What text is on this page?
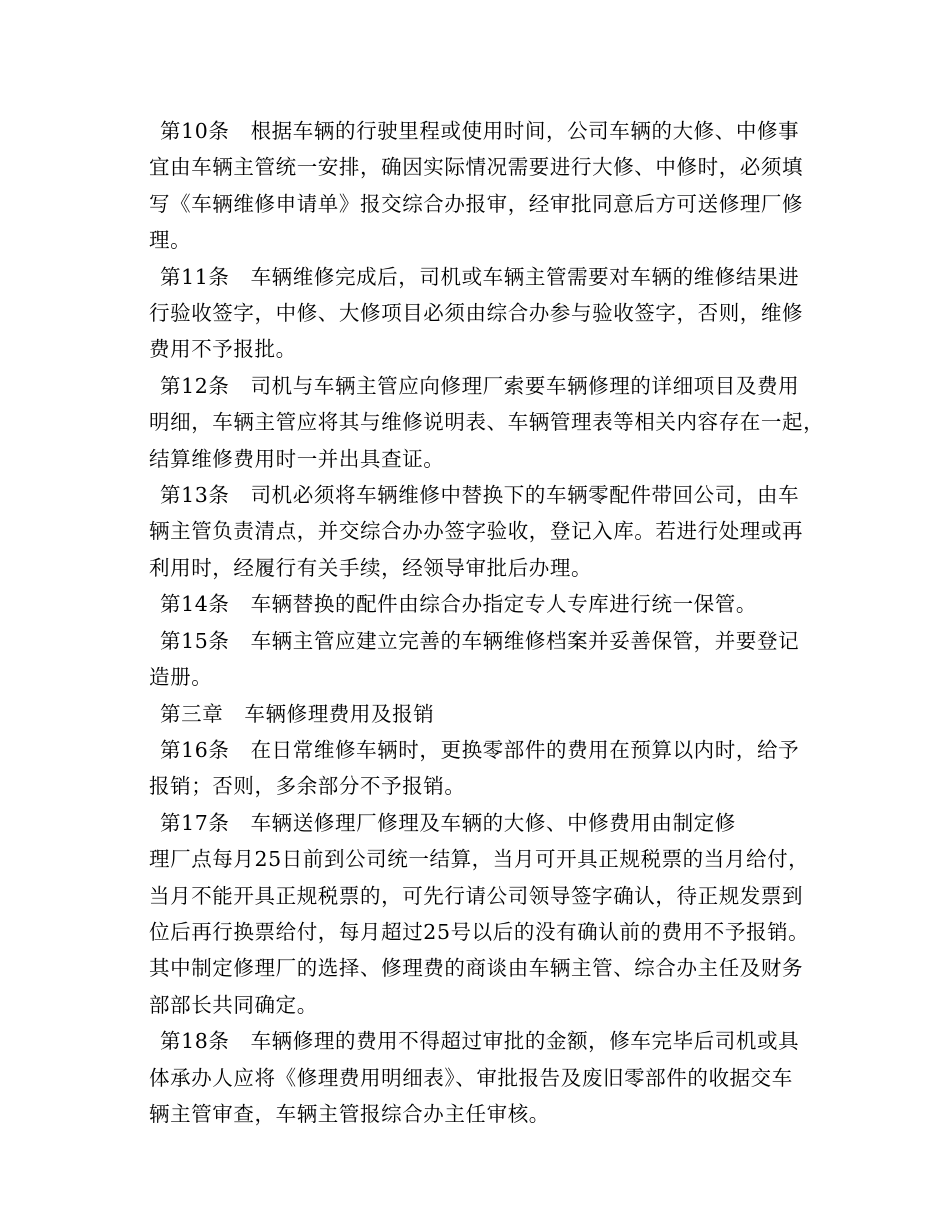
第10条　根据车辆的行驶里程或使用时间，公司车辆的大修、中修事
宜由车辆主管统一安排，确因实际情况需要进行大修、中修时，必须填
写《车辆维修申请单》报交综合办报审，经审批同意后方可送修理厂修
理。
第11条　车辆维修完成后，司机或车辆主管需要对车辆的维修结果进
行验收签字，中修、大修项目必须由综合办参与验收签字，否则，维修
费用不予报批。
第12条　司机与车辆主管应向修理厂索要车辆修理的详细项目及费用
明细，车辆主管应将其与维修说明表、车辆管理表等相关内容存在一起，
结算维修费用时一并出具查证。
第13条　司机必须将车辆维修中替换下的车辆零配件带回公司，由车
辆主管负责清点，并交综合办办签字验收，登记入库。若进行处理或再
利用时，经履行有关手续，经领导审批后办理。
第14条　车辆替换的配件由综合办指定专人专库进行统一保管。
第15条　车辆主管应建立完善的车辆维修档案并妥善保管，并要登记
造册。
第三章　车辆修理费用及报销
第16条　在日常维修车辆时，更换零部件的费用在预算以内时，给予
报销；否则，多余部分不予报销。
第17条　车辆送修理厂修理及车辆的大修、中修费用由制定修
理厂点每月25日前到公司统一结算，当月可开具正规税票的当月给付，
当月不能开具正规税票的，可先行请公司领导签字确认，待正规发票到
位后再行换票给付，每月超过25号以后的没有确认前的费用不予报销。
其中制定修理厂的选择、修理费的商谈由车辆主管、综合办主任及财务
部部长共同确定。
第18条　车辆修理的费用不得超过审批的金额，修车完毕后司机或具
体承办人应将《修理费用明细表》、审批报告及废旧零部件的收据交车
辆主管审查，车辆主管报综合办主任审核。
